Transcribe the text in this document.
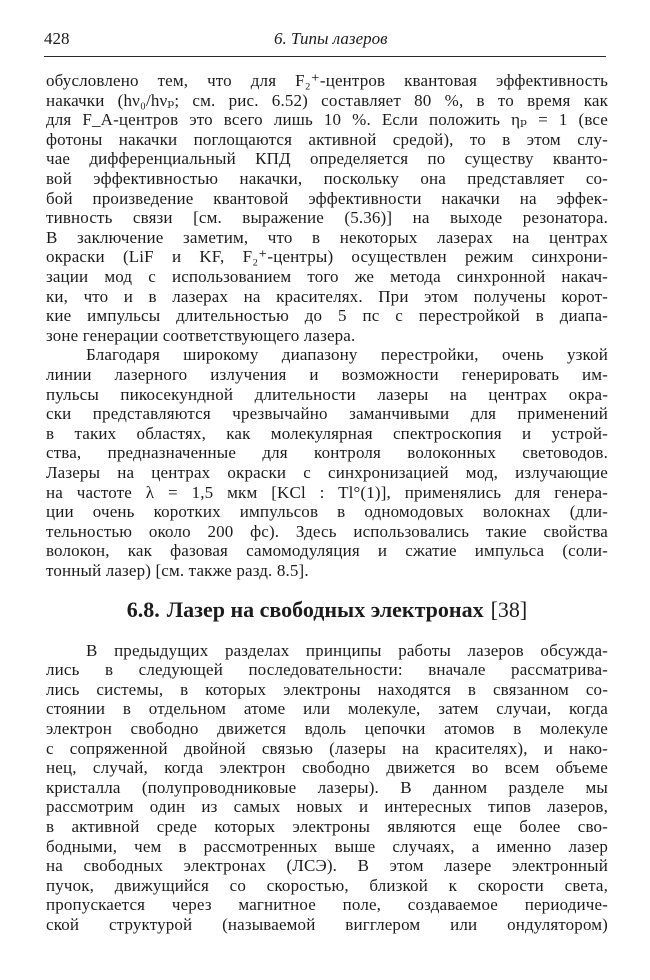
428	6. Типы лазеров
обусловлено тем, что для F₂⁺-центров квантовая эффективность
накачки (hν₀/hνₚ; см. рис. 6.52) составляет 80 %, в то время как
для F_A-центров это всего лишь 10 %. Если положить ηₚ = 1 (все
фотоны накачки поглощаются активной средой), то в этом слу-
чае дифференциальный КПД определяется по существу кванто-
вой эффективностью накачки, поскольку она представляет со-
бой произведение квантовой эффективности накачки на эффек-
тивность связи [см. выражение (5.36)] на выходе резонатора.
В заключение заметим, что в некоторых лазерах на центрах
окраски (LiF и KF, F₂⁺-центры) осуществлен режим синхрони-
зации мод с использованием того же метода синхронной накач-
ки, что и в лазерах на красителях. При этом получены корот-
кие импульсы длительностью до 5 пс с перестройкой в диапа-
зоне генерации соответствующего лазера.
Благодаря широкому диапазону перестройки, очень узкой
линии лазерного излучения и возможности генерировать им-
пульсы пикосекундной длительности лазеры на центрах окра-
ски представляются чрезвычайно заманчивыми для применений
в таких областях, как молекулярная спектроскопия и устрой-
ства, предназначенные для контроля волоконных световодов.
Лазеры на центрах окраски с синхронизацией мод, излучающие
на частоте λ = 1,5 мкм [KCl : Tl°(1)], применялись для генера-
ции очень коротких импульсов в одномодовых волокнах (дли-
тельностью около 200 фс). Здесь использовались такие свойства
волокон, как фазовая самомодуляция и сжатие импульса (соли-
тонный лазер) [см. также разд. 8.5].
6.8. Лазер на свободных электронах [38]
В предыдущих разделах принципы работы лазеров обсужда-
лись в следующей последовательности: вначале рассматрива-
лись системы, в которых электроны находятся в связанном со-
стоянии в отдельном атоме или молекуле, затем случаи, когда
электрон свободно движется вдоль цепочки атомов в молекуле
с сопряженной двойной связью (лазеры на красителях), и нако-
нец, случай, когда электрон свободно движется во всем объеме
кристалла (полупроводниковые лазеры). В данном разделе мы
рассмотрим один из самых новых и интересных типов лазеров,
в активной среде которых электроны являются еще более сво-
бодными, чем в рассмотренных выше случаях, а именно лазер
на свободных электронах (ЛСЭ). В этом лазере электронный
пучок, движущийся со скоростью, близкой к скорости света,
пропускается через магнитное поле, создаваемое периодиче-
ской структурой (называемой вигглером или ондулятором)
